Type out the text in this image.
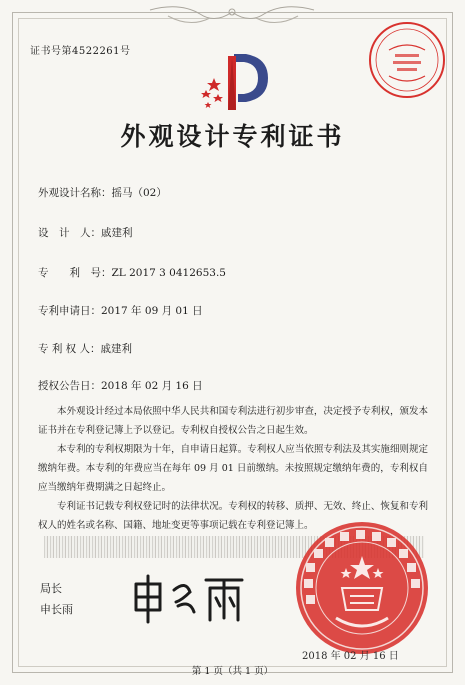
证书号第4522261号
外观设计专利证书
外观设计名称：摇马（02）
设　计　人：戚建利
专　　利　号：ZL 2017 3 0412653.5
专利申请日：2017 年 09 月 01 日
专 利 权 人：戚建利
授权公告日：2018 年 02 月 16 日
本外观设计经过本局依照中华人民共和国专利法进行初步审查，决定授予专利权，颁发本证书并在专利登记簿上予以登记。专利权自授权公告之日起生效。
本专利的专利权期限为十年，自申请日起算。专利权人应当依照专利法及其实施细则规定缴纳年费。本专利的年费应当在每年 09 月 01 日前缴纳。未按照规定缴纳年费的，专利权自应当缴纳年费期满之日起终止。
专利证书记载专利权登记时的法律状况。专利权的转移、质押、无效、终止、恢复和专利权人的姓名或名称、国籍、地址变更等事项记载在专利登记簿上。
局长
申长雨
2018 年 02 月 16 日
第 1 页（共 1 页）
